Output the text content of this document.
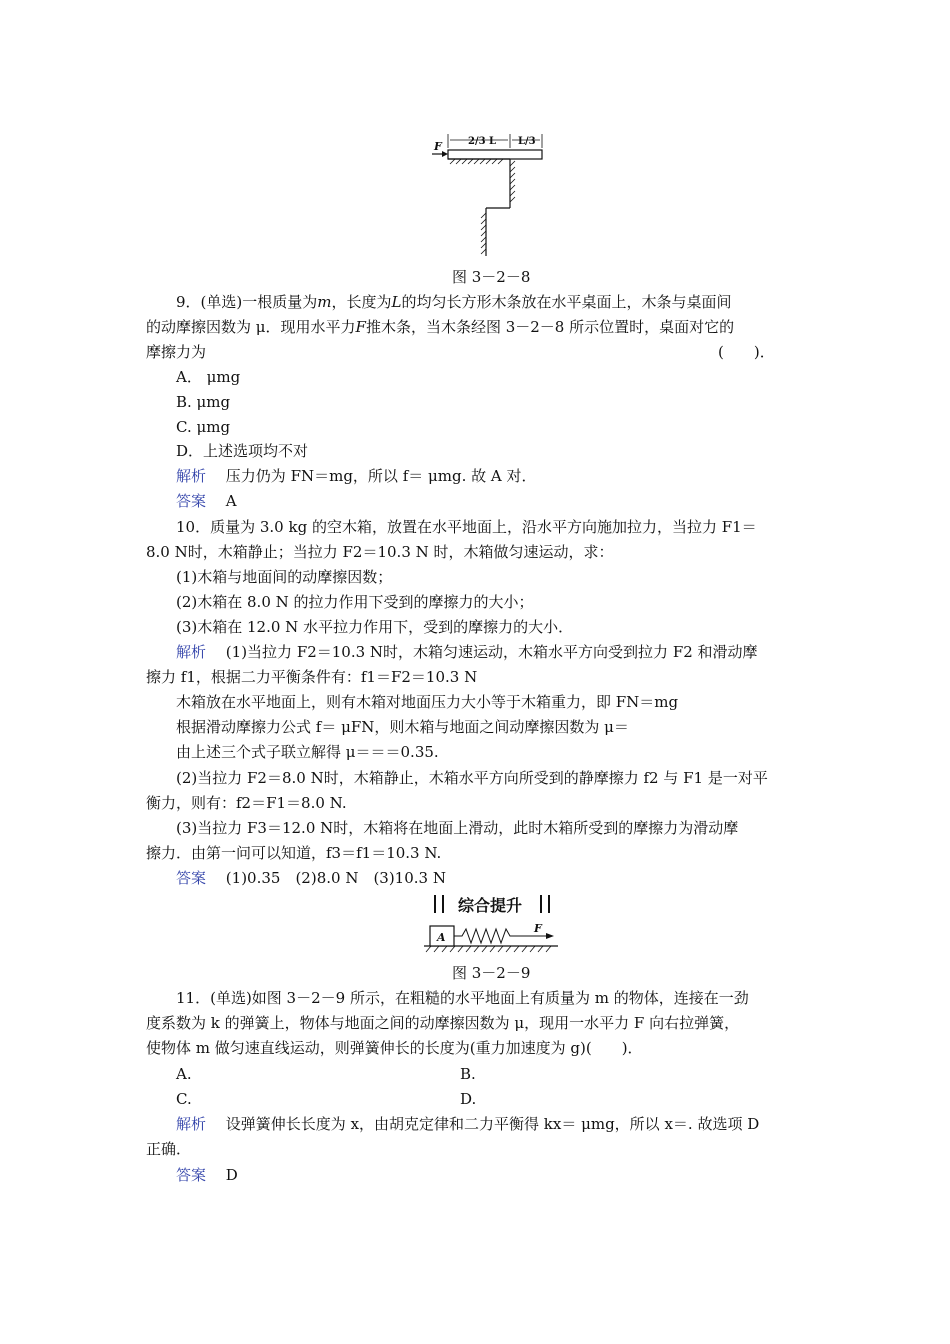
F	2/3 L L/3
图 3－2－8
9．(单选)一根质量为m，长度为L的均匀长方形木条放在水平桌面上，木条与桌面间
的动摩擦因数为 μ．现用水平力F推木条，当木条经图 3－2－8 所示位置时，桌面对它的
摩擦力为	(　　)．
A． μmg
B. μmg
C. μmg
D．上述选项均不对
解析　 压力仍为 FN＝mg，所以 f＝ μmg. 故 A 对．
答案　 A
10．质量为 3.0 kg 的空木箱，放置在水平地面上，沿水平方向施加拉力，当拉力 F1＝
8.0 N时，木箱静止；当拉力 F2＝10.3 N 时，木箱做匀速运动，求：
(1)木箱与地面间的动摩擦因数；
(2)木箱在 8.0 N 的拉力作用下受到的摩擦力的大小；
(3)木箱在 12.0 N 水平拉力作用下，受到的摩擦力的大小．
解析　 (1)当拉力 F2＝10.3 N时，木箱匀速运动，木箱水平方向受到拉力 F2 和滑动摩
擦力 f1，根据二力平衡条件有：f1＝F2＝10.3 N
木箱放在水平地面上，则有木箱对地面压力大小等于木箱重力，即 FN＝mg
根据滑动摩擦力公式 f＝ μFN，则木箱与地面之间动摩擦因数为 μ＝
由上述三个式子联立解得 μ＝＝＝0.35.
(2)当拉力 F2＝8.0 N时，木箱静止，木箱水平方向所受到的静摩擦力 f2 与 F1 是一对平
衡力，则有：f2＝F1＝8.0 N.
(3)当拉力 F3＝12.0 N时，木箱将在地面上滑动，此时木箱所受到的摩擦力为滑动摩
擦力．由第一问可以知道，f3＝f1＝10.3 N.
答案　 (1)0.35　(2)8.0 N　(3)10.3 N
综合提升
A
F
图 3－2－9
11．(单选)如图 3－2－9 所示，在粗糙的水平地面上有质量为 m 的物体，连接在一劲
度系数为 k 的弹簧上，物体与地面之间的动摩擦因数为 μ，现用一水平力 F 向右拉弹簧，
使物体 m 做匀速直线运动，则弹簧伸长的长度为(重力加速度为 g)(　　)．
A.	B.
C.	D.
解析　 设弹簧伸长长度为 x，由胡克定律和二力平衡得 kx＝ μmg，所以 x＝. 故选项 D
正确．
答案　 D
